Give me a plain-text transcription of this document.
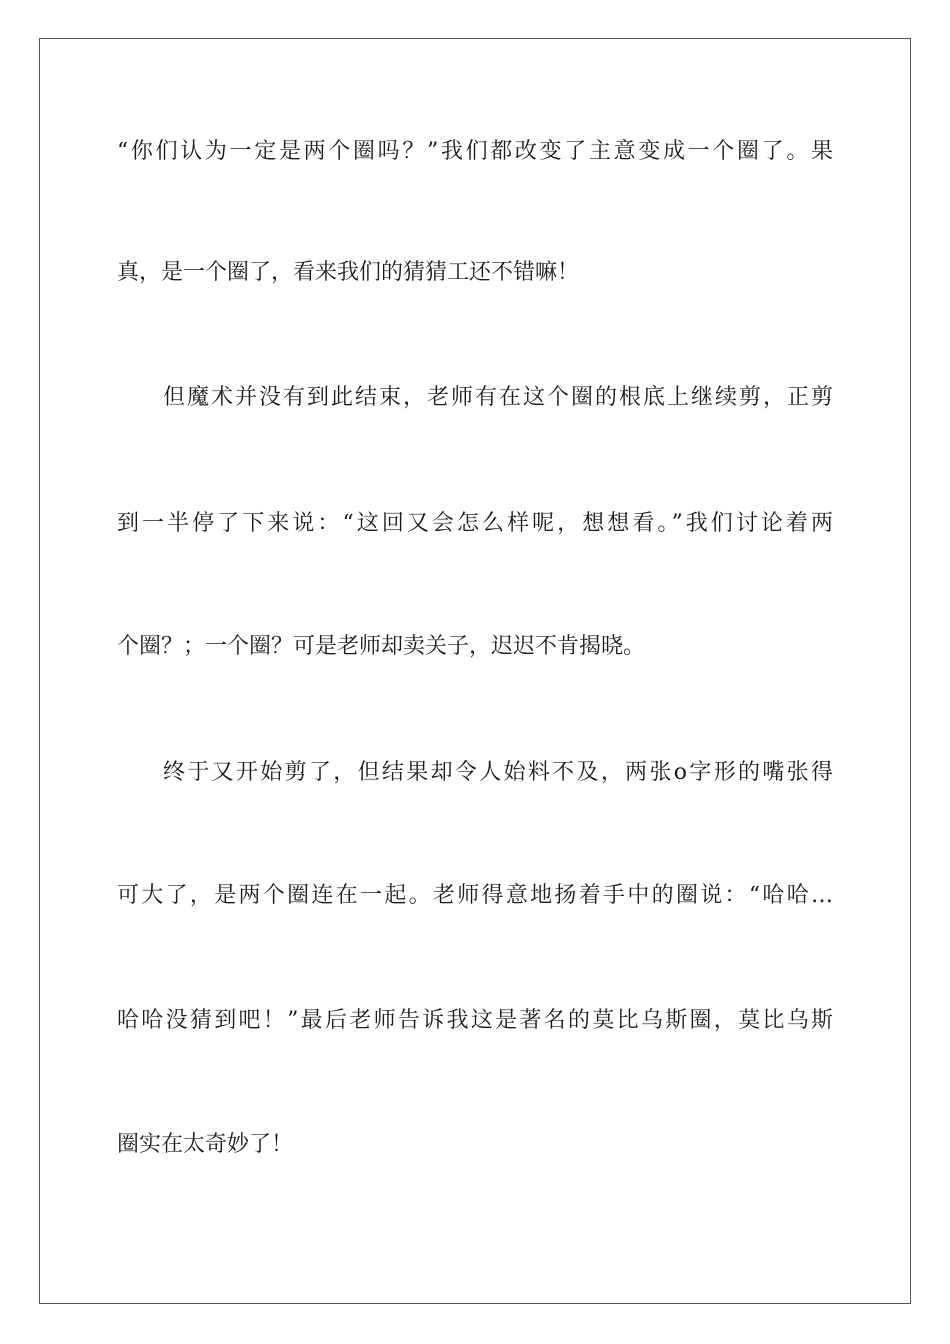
“你们认为一定是两个圈吗？”我们都改变了主意变成一个圈了。果
真，是一个圈了，看来我们的猜猜工还不错嘛！
但魔术并没有到此结束，老师有在这个圈的根底上继续剪，正剪
到一半停了下来说：“这回又会怎么样呢，想想看。”我们讨论着两
个圈？；一个圈？可是老师却卖关子，迟迟不肯揭晓。
终于又开始剪了，但结果却令人始料不及，两张o字形的嘴张得
可大了，是两个圈连在一起。老师得意地扬着手中的圈说：“哈哈…
哈哈没猜到吧！”最后老师告诉我这是著名的莫比乌斯圈，莫比乌斯
圈实在太奇妙了！
